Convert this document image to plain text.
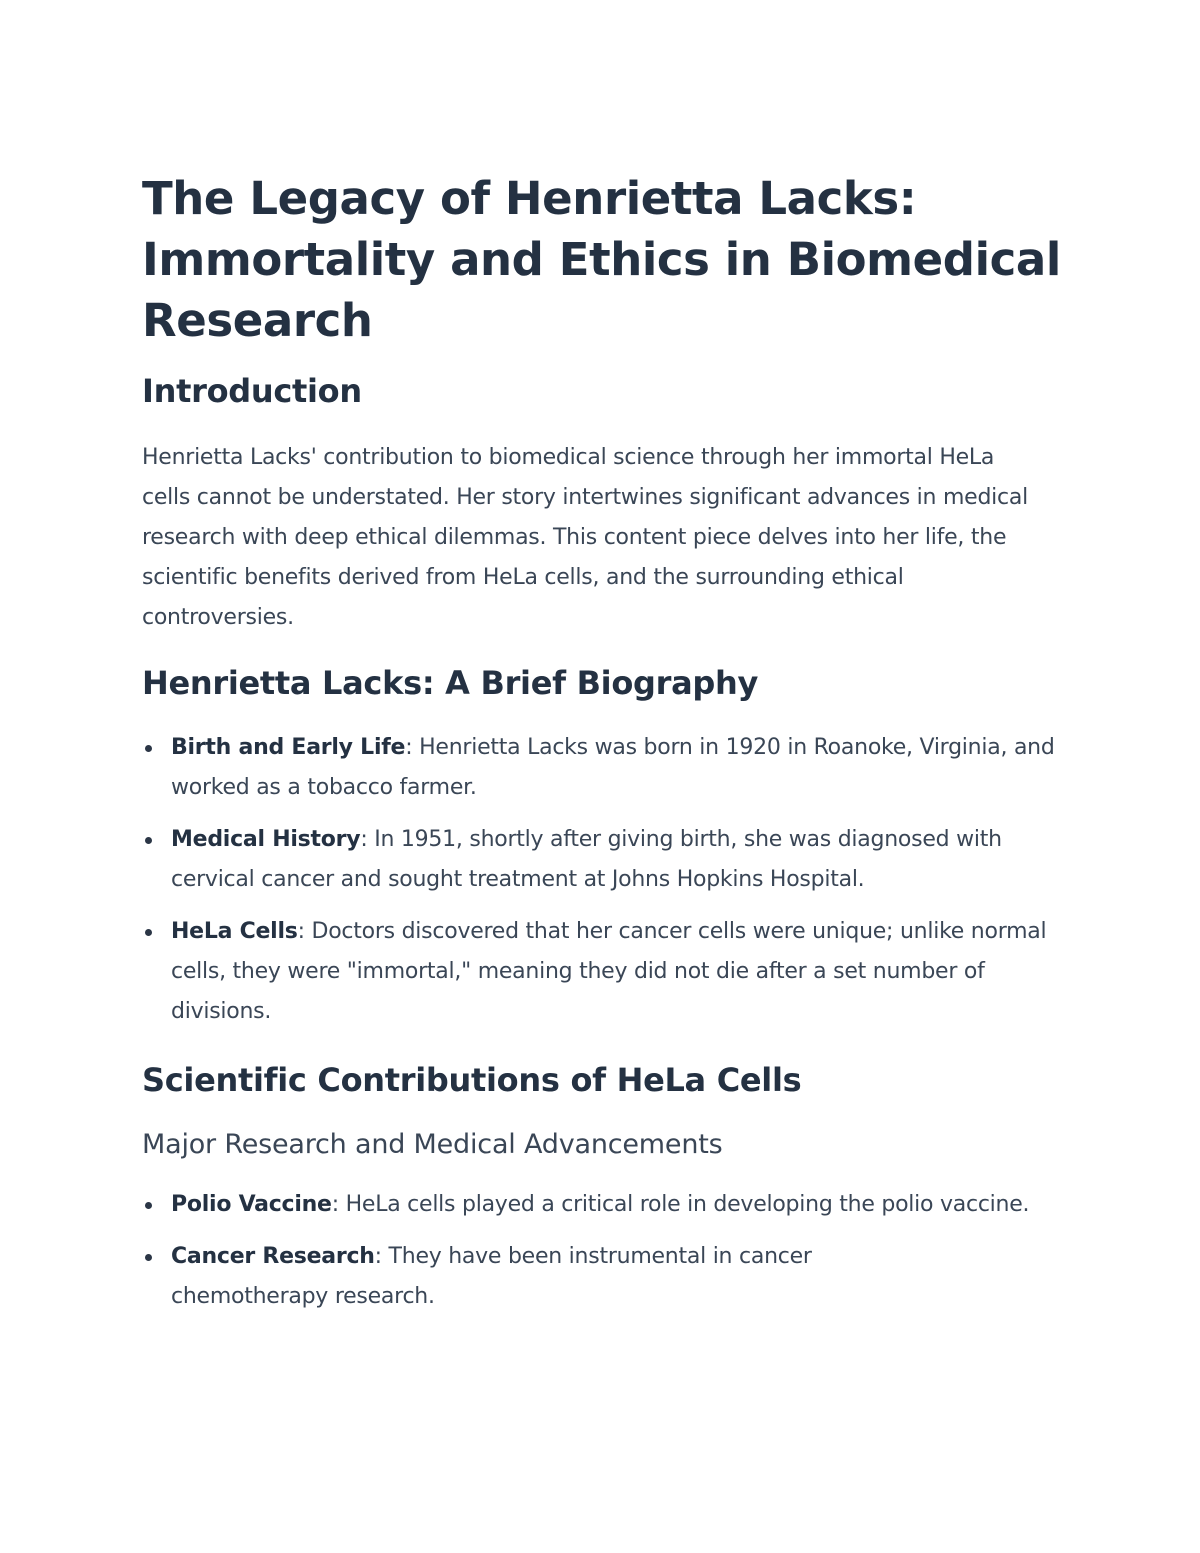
The Legacy of Henrietta Lacks:
Immortality and Ethics in Biomedical
Research
Introduction

Henrietta Lacks' contribution to biomedical science through her immortal HeLa cells cannot be understated. Her story intertwines significant advances in medical research with deep ethical dilemmas. This content piece delves into her life, the scientific benefits derived from HeLa cells, and the surrounding ethical controversies.

Henrietta Lacks: A Brief Biography
Birth and Early Life: Henrietta Lacks was born in 1920 in Roanoke, Virginia, and worked as a tobacco farmer.
Medical History: In 1951, shortly after giving birth, she was diagnosed with cervical cancer and sought treatment at Johns Hopkins Hospital.
HeLa Cells: Doctors discovered that her cancer cells were unique; unlike normal cells, they were "immortal," meaning they did not die after a set number of divisions.
Scientific Contributions of HeLa Cells
Major Research and Medical Advancements
Polio Vaccine: HeLa cells played a critical role in developing the polio vaccine.
Cancer Research: They have been instrumental in cancer chemotherapy research.
